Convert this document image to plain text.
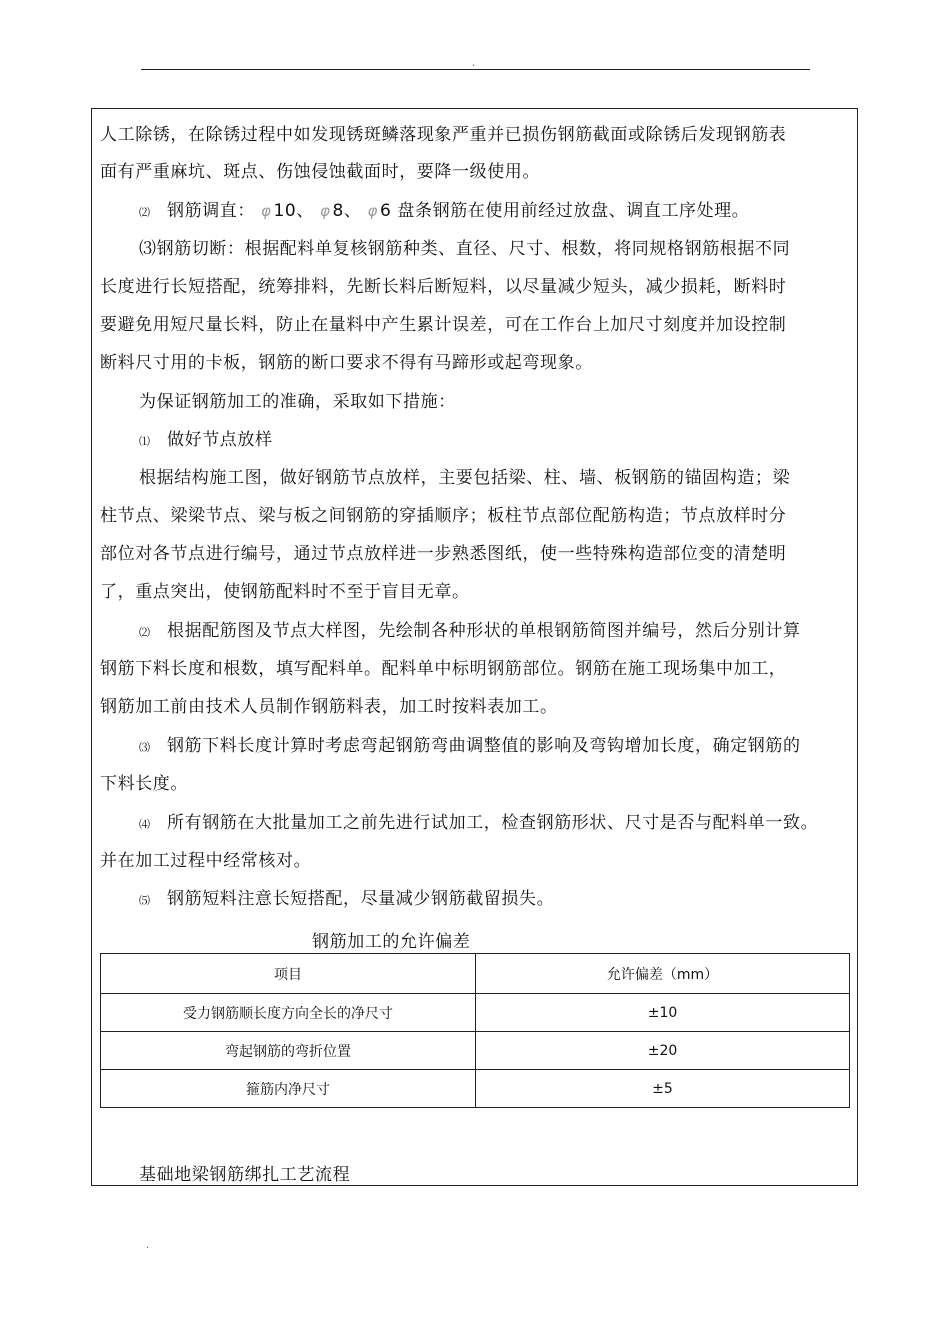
.
人工除锈，在除锈过程中如发现锈斑鳞落现象严重并已损伤钢筋截面或除锈后发现钢筋表
面有严重麻坑、斑点、伤蚀侵蚀截面时，要降一级使用。
⑵ 钢筋调直： φ 10、 φ 8、 φ 6 盘条钢筋在使用前经过放盘、调直工序处理。
⑶钢筋切断：根据配料单复核钢筋种类、直径、尺寸、根数，将同规格钢筋根据不同
长度进行长短搭配，统筹排料，先断长料后断短料，以尽量减少短头，减少损耗，断料时
要避免用短尺量长料，防止在量料中产生累计误差，可在工作台上加尺寸刻度并加设控制
断料尺寸用的卡板，钢筋的断口要求不得有马蹄形或起弯现象。
为保证钢筋加工的准确，采取如下措施：
⑴ 做好节点放样
根据结构施工图，做好钢筋节点放样，主要包括梁、柱、墙、板钢筋的锚固构造；梁
柱节点、梁梁节点、梁与板之间钢筋的穿插顺序；板柱节点部位配筋构造；节点放样时分
部位对各节点进行编号，通过节点放样进一步熟悉图纸，使一些特殊构造部位变的清楚明
了，重点突出，使钢筋配料时不至于盲目无章。
⑵ 根据配筋图及节点大样图，先绘制各种形状的单根钢筋简图并编号，然后分别计算
钢筋下料长度和根数，填写配料单。配料单中标明钢筋部位。钢筋在施工现场集中加工，
钢筋加工前由技术人员制作钢筋料表，加工时按料表加工。
⑶ 钢筋下料长度计算时考虑弯起钢筋弯曲调整值的影响及弯钩增加长度，确定钢筋的
下料长度。
⑷ 所有钢筋在大批量加工之前先进行试加工，检查钢筋形状、尺寸是否与配料单一致。
并在加工过程中经常核对。
⑸ 钢筋短料注意长短搭配，尽量减少钢筋截留损失。
钢筋加工的允许偏差
项目	允许偏差（mm）
受力钢筋顺长度方向全长的净尺寸	±10
弯起钢筋的弯折位置	±20
箍筋内净尺寸	±5
基础地梁钢筋绑扎工艺流程
.
